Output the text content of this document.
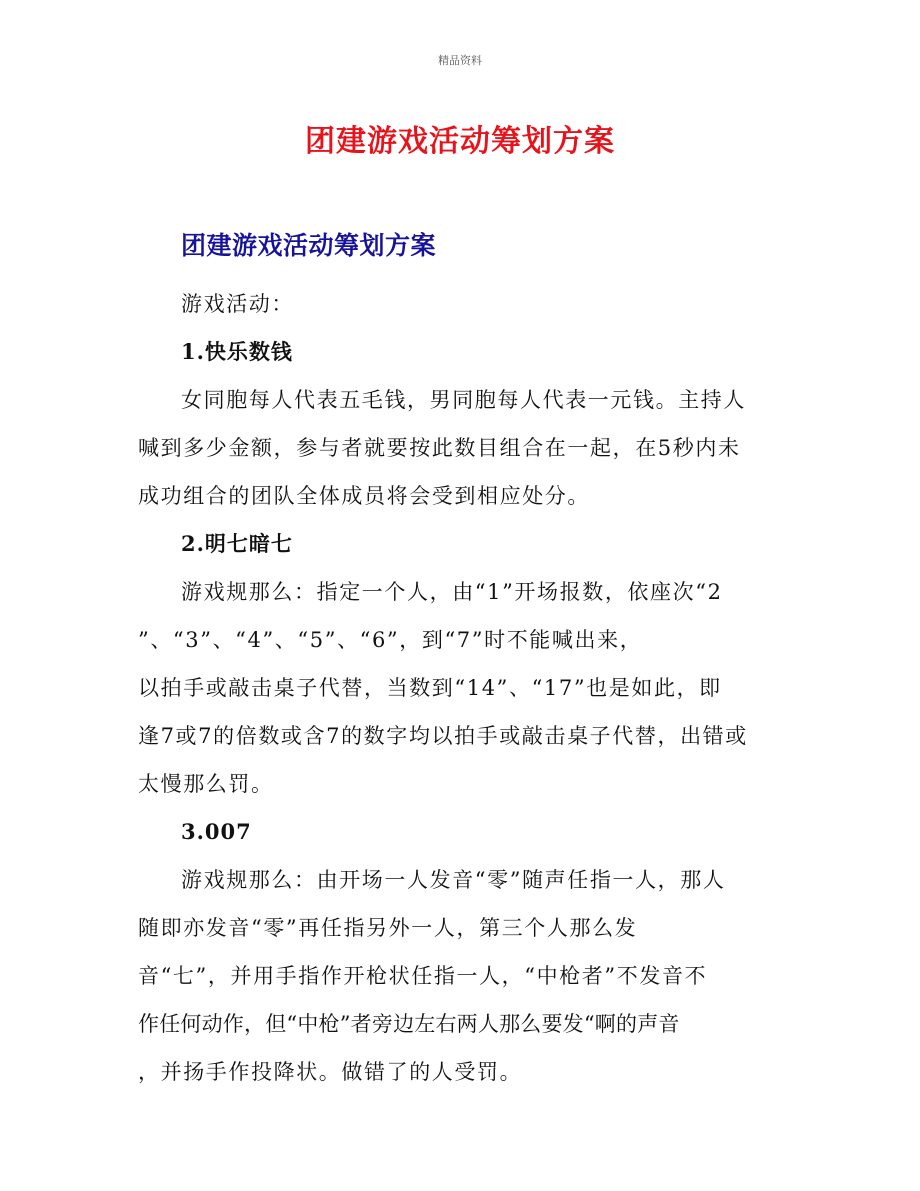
精品资料
团建游戏活动筹划方案
团建游戏活动筹划方案
游戏活动：
1.快乐数钱
女同胞每人代表五毛钱，男同胞每人代表一元钱。主持人
喊到多少金额，参与者就要按此数目组合在一起，在5秒内未
成功组合的团队全体成员将会受到相应处分。
2.明七暗七
游戏规那么：指定一个人，由“1”开场报数，依座次“2
”、“3”、“4”、“5”、“6”，到“7”时不能喊出来，
以拍手或敲击桌子代替，当数到“14”、“17”也是如此，即
逢7或7的倍数或含7的数字均以拍手或敲击桌子代替，出错或
太慢那么罚。
3.007
游戏规那么：由开场一人发音“零”随声任指一人，那人
随即亦发音“零”再任指另外一人，第三个人那么发
音“七”，并用手指作开枪状任指一人，“中枪者”不发音不
作任何动作，但“中枪”者旁边左右两人那么要发“啊的声音
，并扬手作投降状。做错了的人受罚。
